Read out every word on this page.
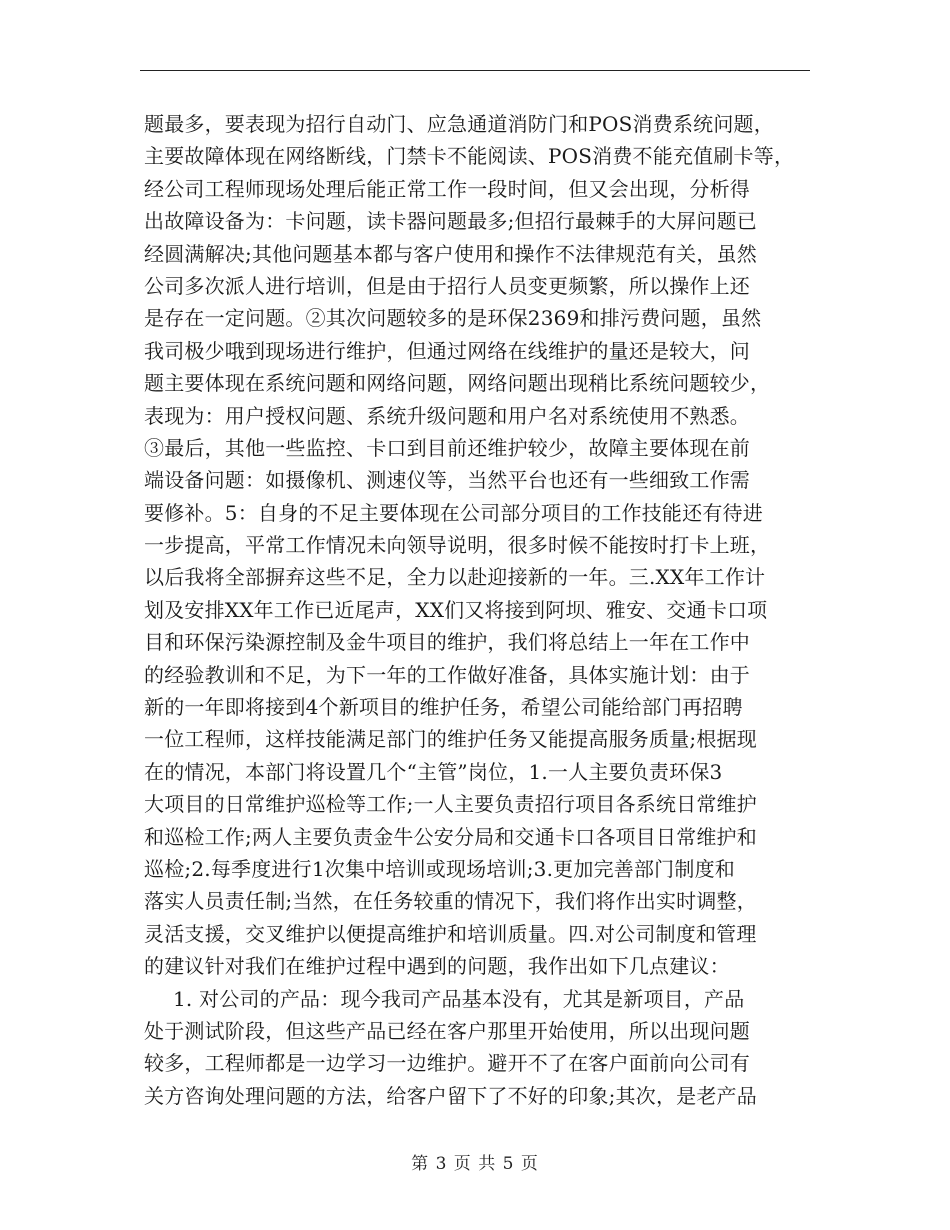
题最多，要表现为招行自动门、应急通道消防门和POS消费系统问题，
主要故障体现在网络断线，门禁卡不能阅读、POS消费不能充值刷卡等，
经公司工程师现场处理后能正常工作一段时间，但又会出现，分析得
出故障设备为：卡问题，读卡器问题最多;但招行最棘手的大屏问题已
经圆满解决;其他问题基本都与客户使用和操作不法律规范有关，虽然
公司多次派人进行培训，但是由于招行人员变更频繁，所以操作上还
是存在一定问题。②其次问题较多的是环保2369和排污费问题，虽然
我司极少哦到现场进行维护，但通过网络在线维护的量还是较大，问
题主要体现在系统问题和网络问题，网络问题出现稍比系统问题较少，
表现为：用户授权问题、系统升级问题和用户名对系统使用不熟悉。
③最后，其他一些监控、卡口到目前还维护较少，故障主要体现在前
端设备问题：如摄像机、测速仪等，当然平台也还有一些细致工作需
要修补。5：自身的不足主要体现在公司部分项目的工作技能还有待进
一步提高，平常工作情况未向领导说明，很多时候不能按时打卡上班，
以后我将全部摒弃这些不足，全力以赴迎接新的一年。三.XX年工作计
划及安排XX年工作已近尾声，XX们又将接到阿坝、雅安、交通卡口项
目和环保污染源控制及金牛项目的维护，我们将总结上一年在工作中
的经验教训和不足，为下一年的工作做好准备，具体实施计划：由于
新的一年即将接到4个新项目的维护任务，希望公司能给部门再招聘
一位工程师，这样技能满足部门的维护任务又能提高服务质量;根据现
在的情况，本部门将设置几个“主管”岗位，1.一人主要负责环保3
大项目的日常维护巡检等工作;一人主要负责招行项目各系统日常维护
和巡检工作;两人主要负责金牛公安分局和交通卡口各项目日常维护和
巡检;2.每季度进行1次集中培训或现场培训;3.更加完善部门制度和
落实人员责任制;当然，在任务较重的情况下，我们将作出实时调整，
灵活支援，交叉维护以便提高维护和培训质量。四.对公司制度和管理
的建议针对我们在维护过程中遇到的问题，我作出如下几点建议：
1. 对公司的产品：现今我司产品基本没有，尤其是新项目，产品
处于测试阶段，但这些产品已经在客户那里开始使用，所以出现问题
较多，工程师都是一边学习一边维护。避开不了在客户面前向公司有
关方咨询处理问题的方法，给客户留下了不好的印象;其次，是老产品
第 3 页 共 5 页
